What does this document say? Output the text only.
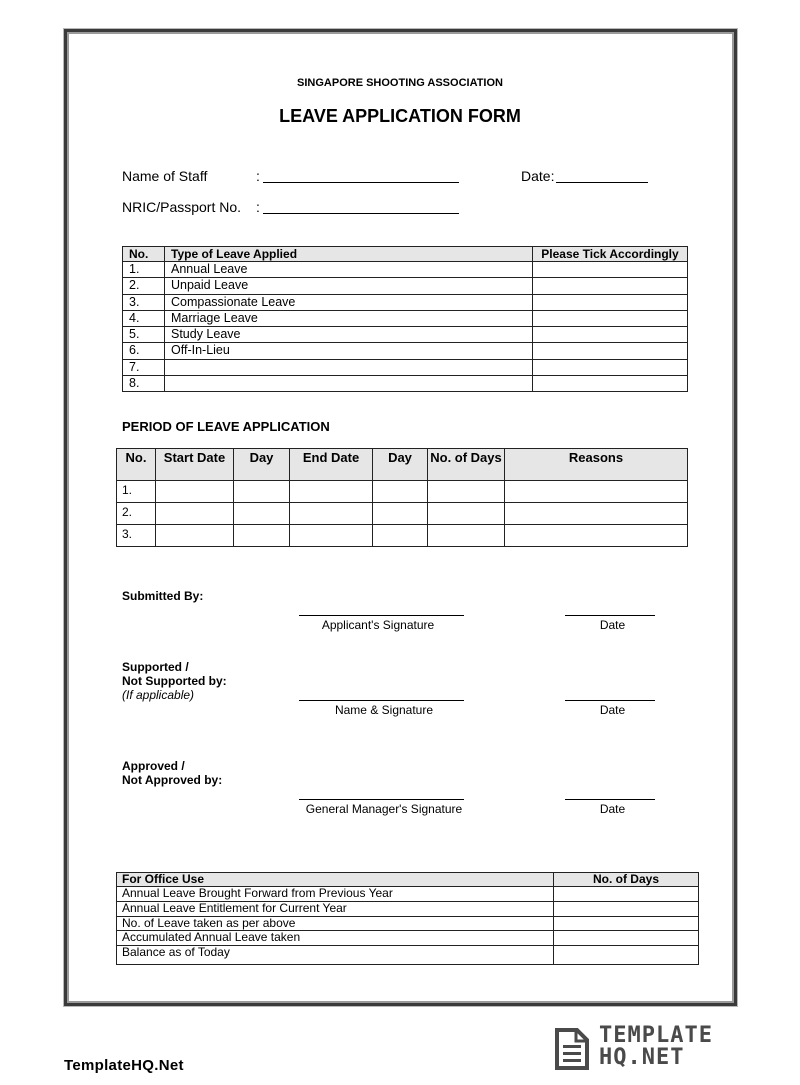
SINGAPORE SHOOTING ASSOCIATION
LEAVE APPLICATION FORM
Name of Staff	:	Date:
NRIC/Passport No. :
No.	Type of Leave Applied	Please Tick Accordingly
1.	Annual Leave	
2.	Unpaid Leave	
3.	Compassionate Leave	
4.	Marriage Leave	
5.	Study Leave	
6.	Off-In-Lieu	
7.		
8.		
PERIOD OF LEAVE APPLICATION
No.	Start Date	Day	End Date	Day	No. of Days	Reasons
1.						
2.						
3.						
Submitted By:
Applicant's Signature	Date
Supported /
Not Supported by:
(If applicable)
Name & Signature	Date
Approved /
Not Approved by:
General Manager's Signature	Date
For Office Use	No. of Days
Annual Leave Brought Forward from Previous Year	
Annual Leave Entitlement for Current Year	
No. of Leave taken as per above	
Accumulated Annual Leave taken	
Balance as of Today	
TemplateHQ.Net
TEMPLATE
HQ.NET
